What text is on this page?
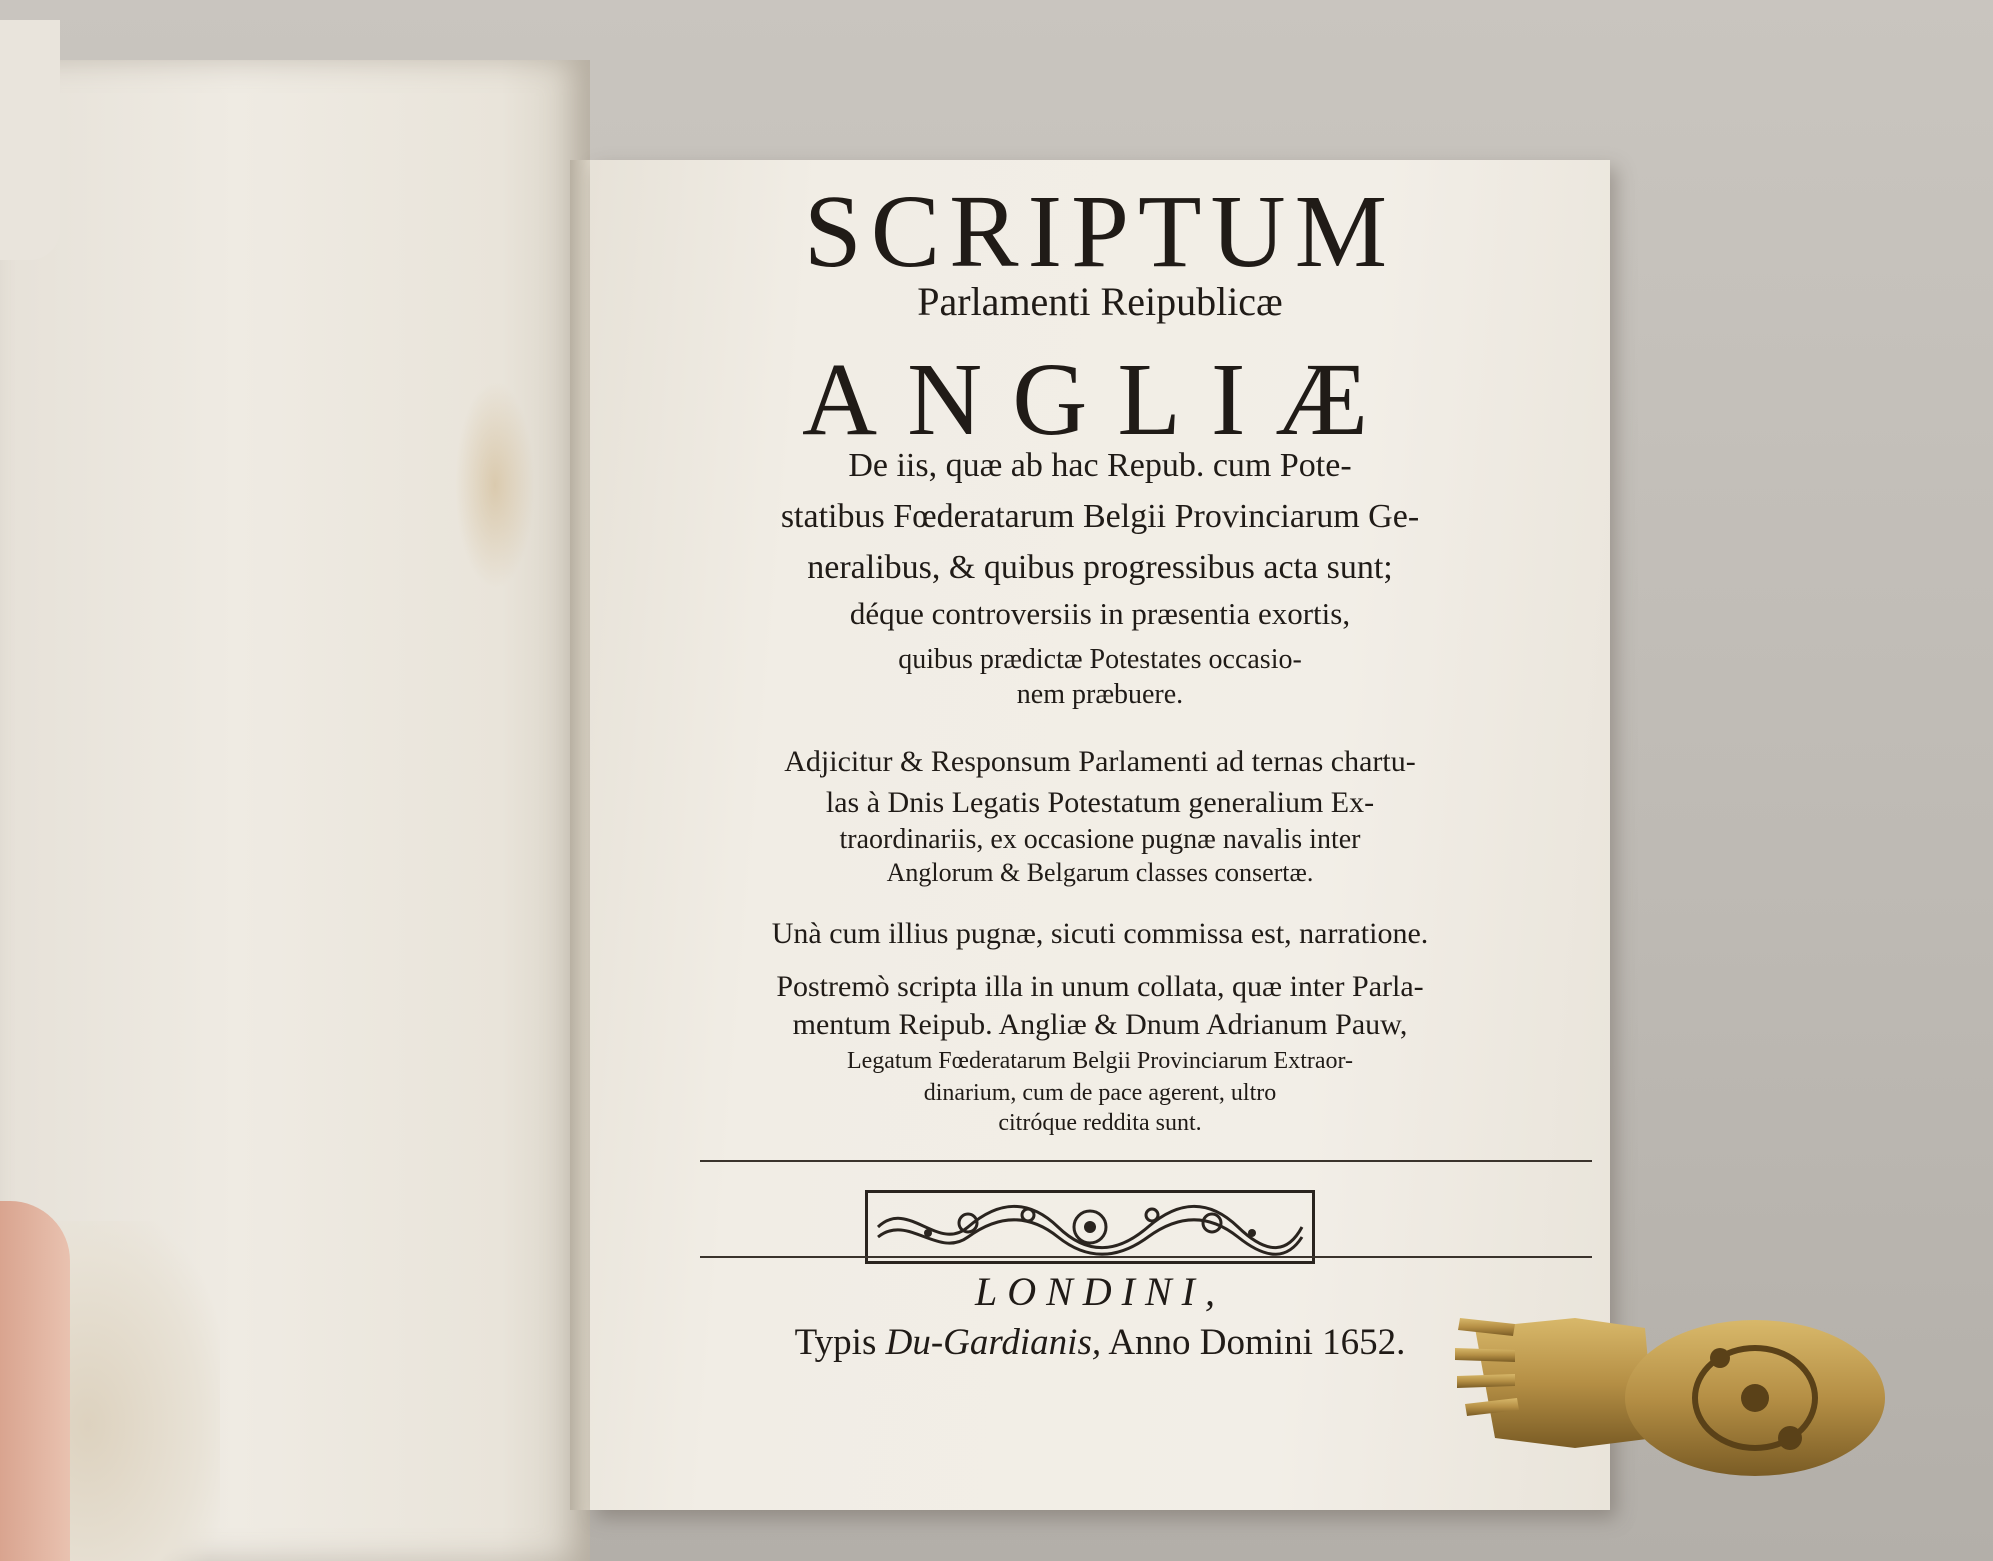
SCRIPTUM
Parlamenti Reipublicæ
ANGLIÆ
De iis, quæ ab hac Repub. cum Pote-
statibus Fœderatarum Belgii Provinciarum Ge-
neralibus, & quibus progressibus acta sunt;
déque controversiis in præsentia exortis,
quibus prædictæ Potestates occasio-
nem præbuere.
Adjicitur & Responsum Parlamenti ad ternas chartu-
las à Dnis Legatis Potestatum generalium Ex-
traordinariis, ex occasione pugnæ navalis inter
Anglorum & Belgarum classes consertæ.
Unà cum illius pugnæ, sicuti commissa est, narratione.
Postremò scripta illa in unum collata, quæ inter Parla-
mentum Reipub. Angliæ & Dnum Adrianum Pauw,
Legatum Fœderatarum Belgii Provinciarum Extraor-
dinarium, cum de pace agerent, ultro
citróque reddita sunt.
LONDINI,
Typis Du-Gardianis, Anno Domini 1652.
